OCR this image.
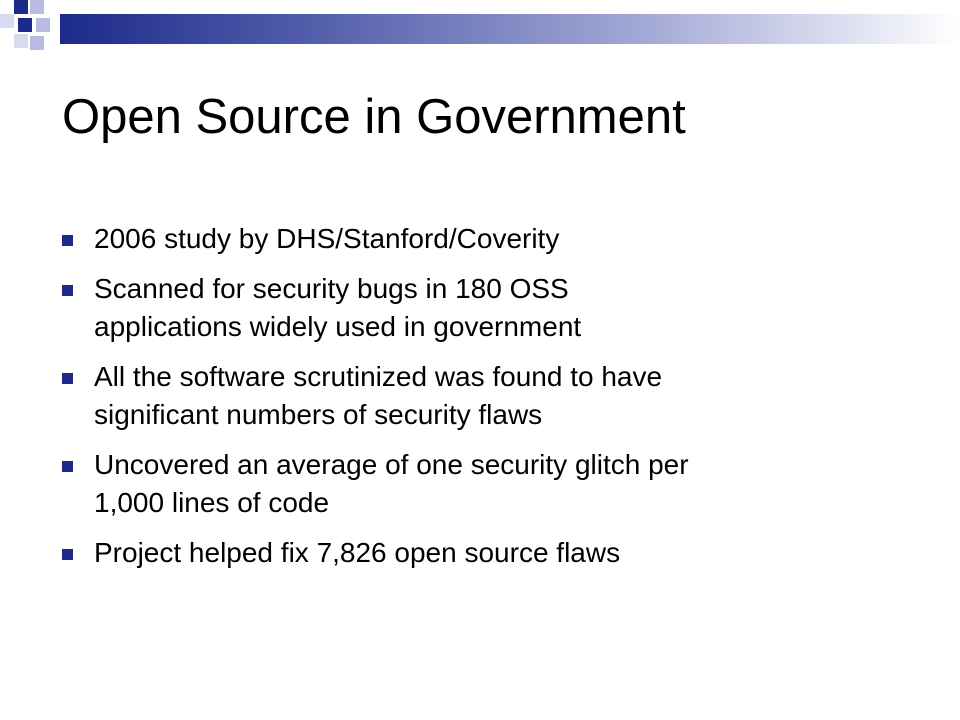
Open Source in Government
2006 study by DHS/Stanford/Coverity
Scanned for security bugs in 180 OSS
applications widely used in government
All the software scrutinized was found to have
significant numbers of security flaws
Uncovered an average of one security glitch per
1,000 lines of code
Project helped fix 7,826 open source flaws
